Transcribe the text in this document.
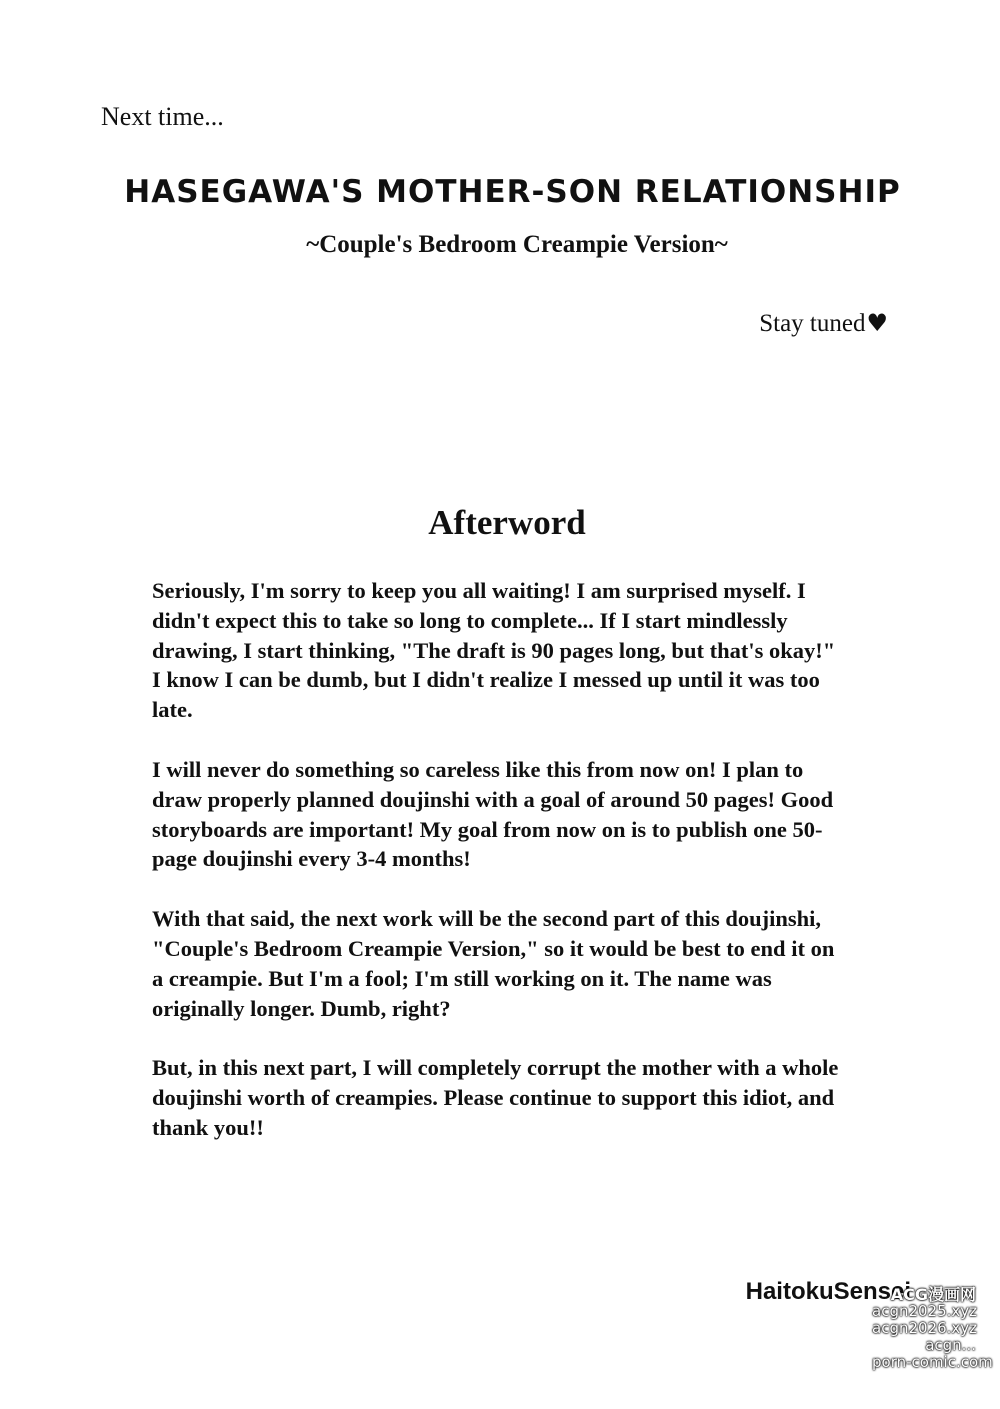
Next time...
HASEGAWA'S MOTHER-SON RELATIONSHIP
~Couple's Bedroom Creampie Version~
Stay tuned♥
Afterword

Seriously, I'm sorry to keep you all waiting! I am surprised myself. I didn't expect this to take so long to complete... If I start mindlessly drawing, I start thinking, "The draft is 90 pages long, but that's okay!" I know I can be dumb, but I didn't realize I messed up until it was too late.

I will never do something so careless like this from now on! I plan to draw properly planned doujinshi with a goal of around 50 pages! Good storyboards are important! My goal from now on is to publish one 50-page doujinshi every 3-4 months!

With that said, the next work will be the second part of this doujinshi, "Couple's Bedroom Creampie Version," so it would be best to end it on a creampie. But I'm a fool; I'm still working on it. The name was originally longer. Dumb, right?

But, in this next part, I will completely corrupt the mother with a whole doujinshi worth of creampies. Please continue to support this idiot, and thank you!!

HaitokuSensei
ACG漫画网
acgn2025.xyz
acgn2026.xyz
acgn...
porn-comic.com
